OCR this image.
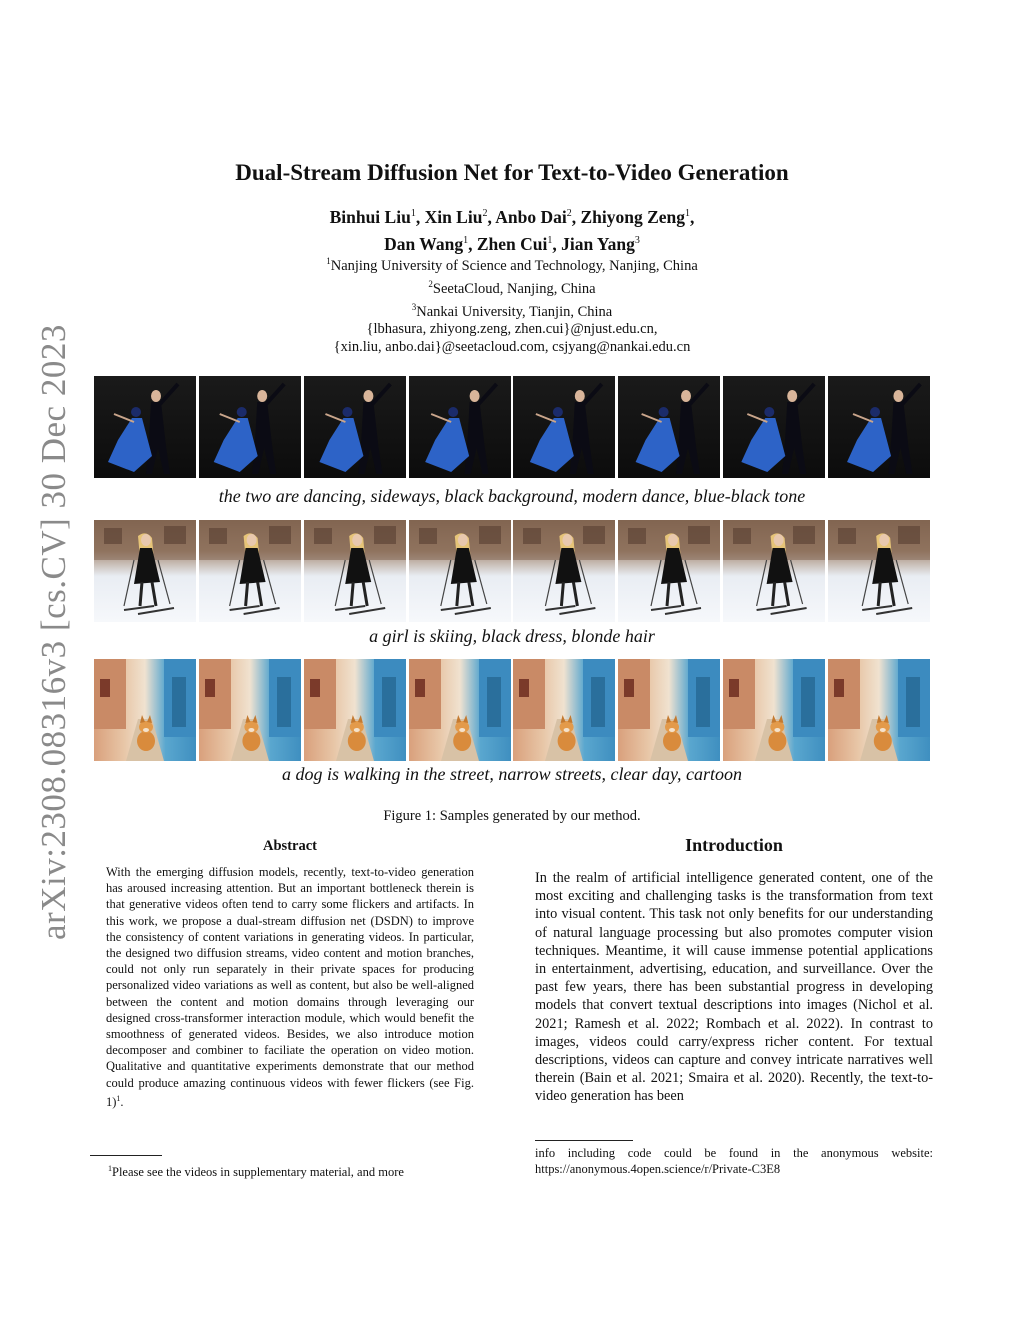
arXiv:2308.08316v3 [cs.CV] 30 Dec 2023
Dual-Stream Diffusion Net for Text-to-Video Generation
Binhui Liu$^1$, Xin Liu$^2$, Anbo Dai$^2$, Zhiyong Zeng$^1$,
Dan Wang$^1$, Zhen Cui$^1$, Jian Yang$^3$
$^1$Nanjing University of Science and Technology, Nanjing, China
$^2$SeetaCloud, Nanjing, China
$^3$Nankai University, Tianjin, China
{lbhasura, zhiyong.zeng, zhen.cui}@njust.edu.cn,
{xin.liu, anbo.dai}@seetacloud.com, csjyang@nankai.edu.cn
the two are dancing, sideways, black background, modern dance, blue-black tone
a girl is skiing, black dress, blonde hair
a dog is walking in the street, narrow streets, clear day, cartoon
Figure 1: Samples generated by our method.
Abstract
With the emerging diffusion models, recently, text-to-video generation has aroused increasing attention. But an important bottleneck therein is that generative videos often tend to carry some flickers and artifacts. In this work, we propose a dual-stream diffusion net (DSDN) to improve the consistency of content variations in generating videos. In particular, the designed two diffusion streams, video content and motion branches, could not only run separately in their private spaces for producing personalized video variations as well as content, but also be well-aligned between the content and motion domains through leveraging our designed cross-transformer interaction module, which would benefit the smoothness of generated videos. Besides, we also introduce motion decomposer and combiner to faciliate the operation on video motion. Qualitative and quantitative experiments demonstrate that our method could produce amazing continuous videos with fewer flickers (see Fig. 1)$^1$.
$^1$Please see the videos in supplementary material, and more
Introduction
In the realm of artificial intelligence generated content, one of the most exciting and challenging tasks is the transformation from text into visual content. This task not only benefits for our understanding of natural language processing but also promotes computer vision techniques. Meantime, it will cause immense potential applications in entertainment, advertising, education, and surveillance. Over the past few years, there has been substantial progress in developing models that convert textual descriptions into images (Nichol et al. 2021; Ramesh et al. 2022; Rombach et al. 2022). In contrast to images, videos could carry/express richer content. For textual descriptions, videos can capture and convey intricate narratives well therein (Bain et al. 2021; Smaira et al. 2020). Recently, the text-to-video generation has been
info including code could be found in the anonymous website: https://anonymous.4open.science/r/Private-C3E8
